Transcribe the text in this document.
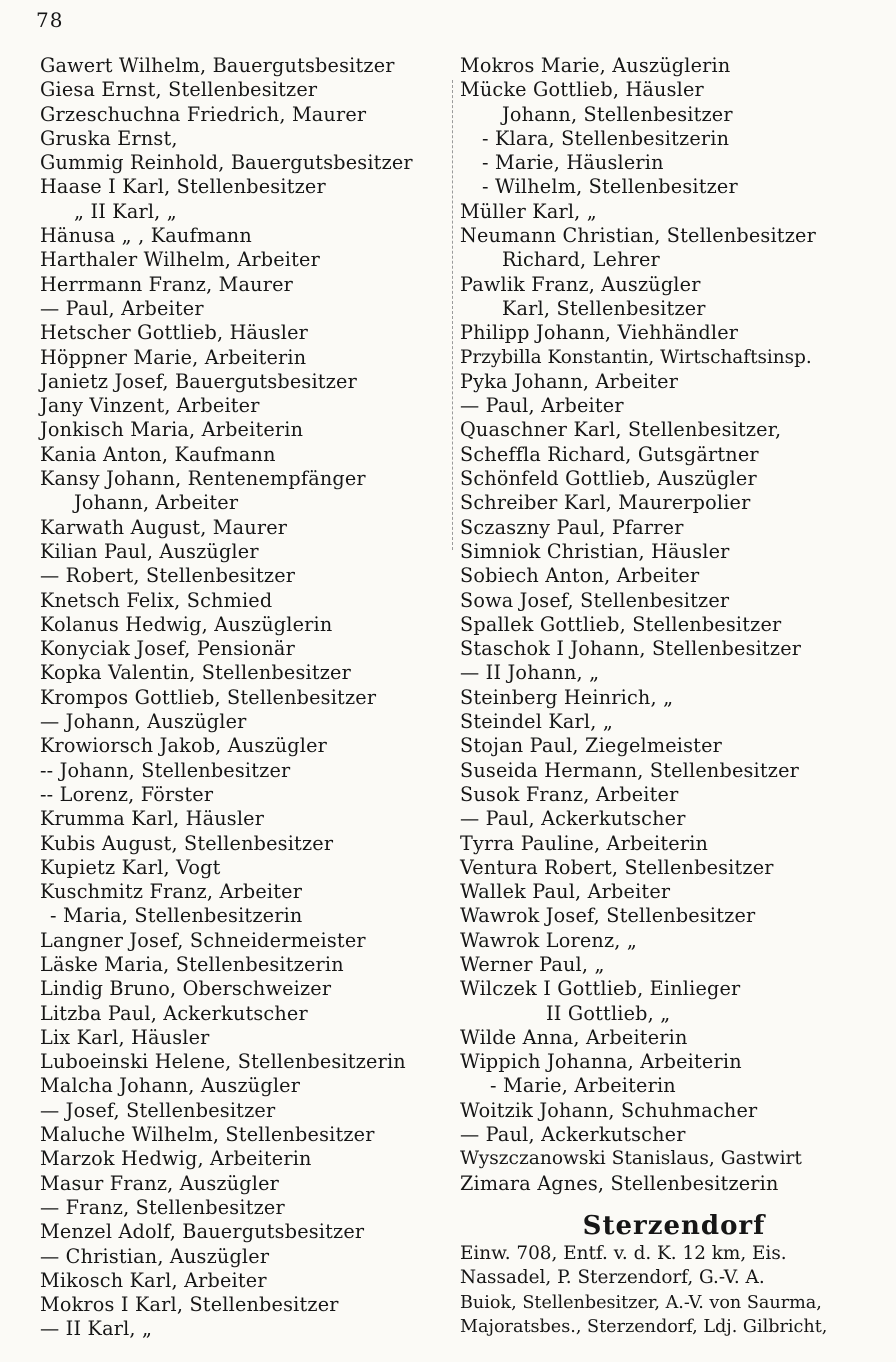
78
Gawert Wilhelm, Bauergutsbesitzer
Giesa Ernst, Stellenbesitzer
Grzeschuchna Friedrich, Maurer
Gruska Ernst,
Gummig Reinhold, Bauergutsbesitzer
Haase I Karl, Stellenbesitzer
„ II Karl, „
Hänusa „ , Kaufmann
Harthaler Wilhelm, Arbeiter
Herrmann Franz, Maurer
— Paul, Arbeiter
Hetscher Gottlieb, Häusler
Höppner Marie, Arbeiterin
Janietz Josef, Bauergutsbesitzer
Jany Vinzent, Arbeiter
Jonkisch Maria, Arbeiterin
Kania Anton, Kaufmann
Kansy Johann, Rentenempfänger
Johann, Arbeiter
Karwath August, Maurer
Kilian Paul, Auszügler
— Robert, Stellenbesitzer
Knetsch Felix, Schmied
Kolanus Hedwig, Auszüglerin
Konyciak Josef, Pensionär
Kopka Valentin, Stellenbesitzer
Krompos Gottlieb, Stellenbesitzer
— Johann, Auszügler
Krowiorsch Jakob, Auszügler
-- Johann, Stellenbesitzer
-- Lorenz, Förster
Krumma Karl, Häusler
Kubis August, Stellenbesitzer
Kupietz Karl, Vogt
Kuschmitz Franz, Arbeiter
- Maria, Stellenbesitzerin
Langner Josef, Schneidermeister
Läske Maria, Stellenbesitzerin
Lindig Bruno, Oberschweizer
Litzba Paul, Ackerkutscher
Lix Karl, Häusler
Luboeinski Helene, Stellenbesitzerin
Malcha Johann, Auszügler
— Josef, Stellenbesitzer
Maluche Wilhelm, Stellenbesitzer
Marzok Hedwig, Arbeiterin
Masur Franz, Auszügler
— Franz, Stellenbesitzer
Menzel Adolf, Bauergutsbesitzer
— Christian, Auszügler
Mikosch Karl, Arbeiter
Mokros I Karl, Stellenbesitzer
— II Karl, „
Mokros Marie, Auszüglerin
Mücke Gottlieb, Häusler
Johann, Stellenbesitzer
- Klara, Stellenbesitzerin
- Marie, Häuslerin
- Wilhelm, Stellenbesitzer
Müller Karl, „
Neumann Christian, Stellenbesitzer
Richard, Lehrer
Pawlik Franz, Auszügler
Karl, Stellenbesitzer
Philipp Johann, Viehhändler
Przybilla Konstantin, Wirtschaftsinsp.
Pyka Johann, Arbeiter
— Paul, Arbeiter
Quaschner Karl, Stellenbesitzer,
Scheffla Richard, Gutsgärtner
Schönfeld Gottlieb, Auszügler
Schreiber Karl, Maurerpolier
Sczaszny Paul, Pfarrer
Simniok Christian, Häusler
Sobiech Anton, Arbeiter
Sowa Josef, Stellenbesitzer
Spallek Gottlieb, Stellenbesitzer
Staschok I Johann, Stellenbesitzer
— II Johann, „
Steinberg Heinrich, „
Steindel Karl, „
Stojan Paul, Ziegelmeister
Suseida Hermann, Stellenbesitzer
Susok Franz, Arbeiter
— Paul, Ackerkutscher
Tyrra Pauline, Arbeiterin
Ventura Robert, Stellenbesitzer
Wallek Paul, Arbeiter
Wawrok Josef, Stellenbesitzer
Wawrok Lorenz, „
Werner Paul, „
Wilczek I Gottlieb, Einlieger
II Gottlieb, „
Wilde Anna, Arbeiterin
Wippich Johanna, Arbeiterin
- Marie, Arbeiterin
Woitzik Johann, Schuhmacher
— Paul, Ackerkutscher
Wyszczanowski Stanislaus, Gastwirt
Zimara Agnes, Stellenbesitzerin
Sterzendorf
Einw. 708, Entf. v. d. K. 12 km, Eis.
Nassadel, P. Sterzendorf, G.-V. A.
Buiok, Stellenbesitzer, A.-V. von Saurma,
Majoratsbes., Sterzendorf, Ldj. Gilbricht,
